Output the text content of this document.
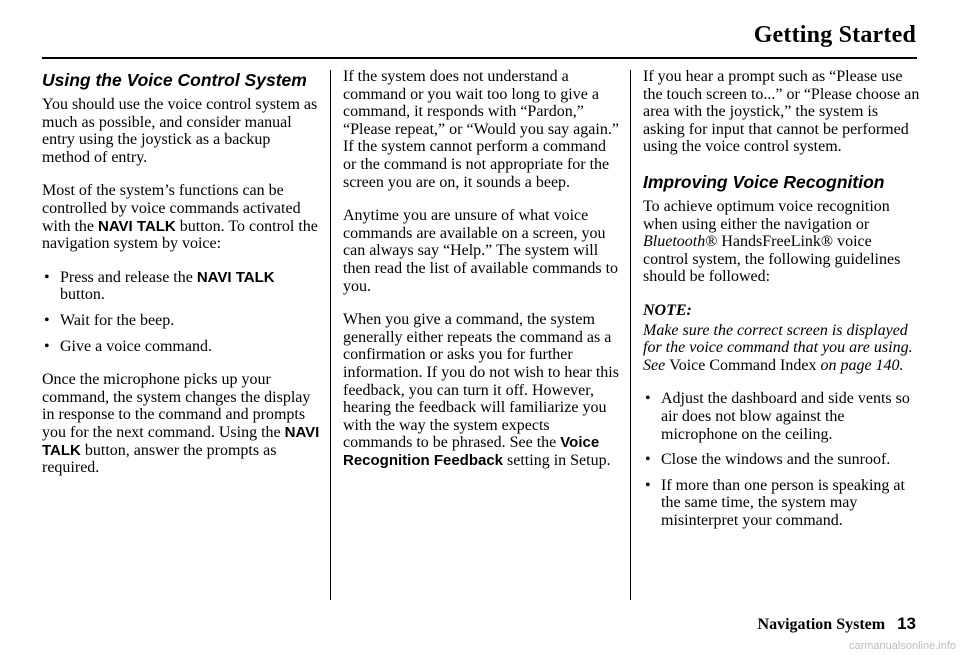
Getting Started
Using the Voice Control System

You should use the voice control system as much as possible, and consider manual entry using the joystick as a backup method of entry.

Most of the system’s functions can be controlled by voice commands activated with the NAVI TALK button. To control the navigation system by voice:

• Press and release the NAVI TALK button.
• Wait for the beep.
• Give a voice command.

Once the microphone picks up your command, the system changes the display in response to the command and prompts you for the next command. Using the NAVI TALK button, answer the prompts as required.

If the system does not understand a command or you wait too long to give a command, it responds with “Pardon,” “Please repeat,” or “Would you say again.” If the system cannot perform a command or the command is not appropriate for the screen you are on, it sounds a beep.

Anytime you are unsure of what voice commands are available on a screen, you can always say “Help.” The system will then read the list of available commands to you.

When you give a command, the system generally either repeats the command as a confirmation or asks you for further information. If you do not wish to hear this feedback, you can turn it off. However, hearing the feedback will familiarize you with the way the system expects commands to be phrased. See the Voice Recognition Feedback setting in Setup.

If you hear a prompt such as “Please use the touch screen to...” or “Please choose an area with the joystick,” the system is asking for input that cannot be performed using the voice control system.

Improving Voice Recognition

To achieve optimum voice recognition when using either the navigation or Bluetooth® HandsFreeLink® voice control system, the following guidelines should be followed:

NOTE:

Make sure the correct screen is displayed for the voice command that you are using. See Voice Command Index on page 140.

• Adjust the dashboard and side vents so air does not blow against the microphone on the ceiling.
• Close the windows and the sunroof.
• If more than one person is speaking at the same time, the system may misinterpret your command.
Navigation System 13
carmanualsonline.info
